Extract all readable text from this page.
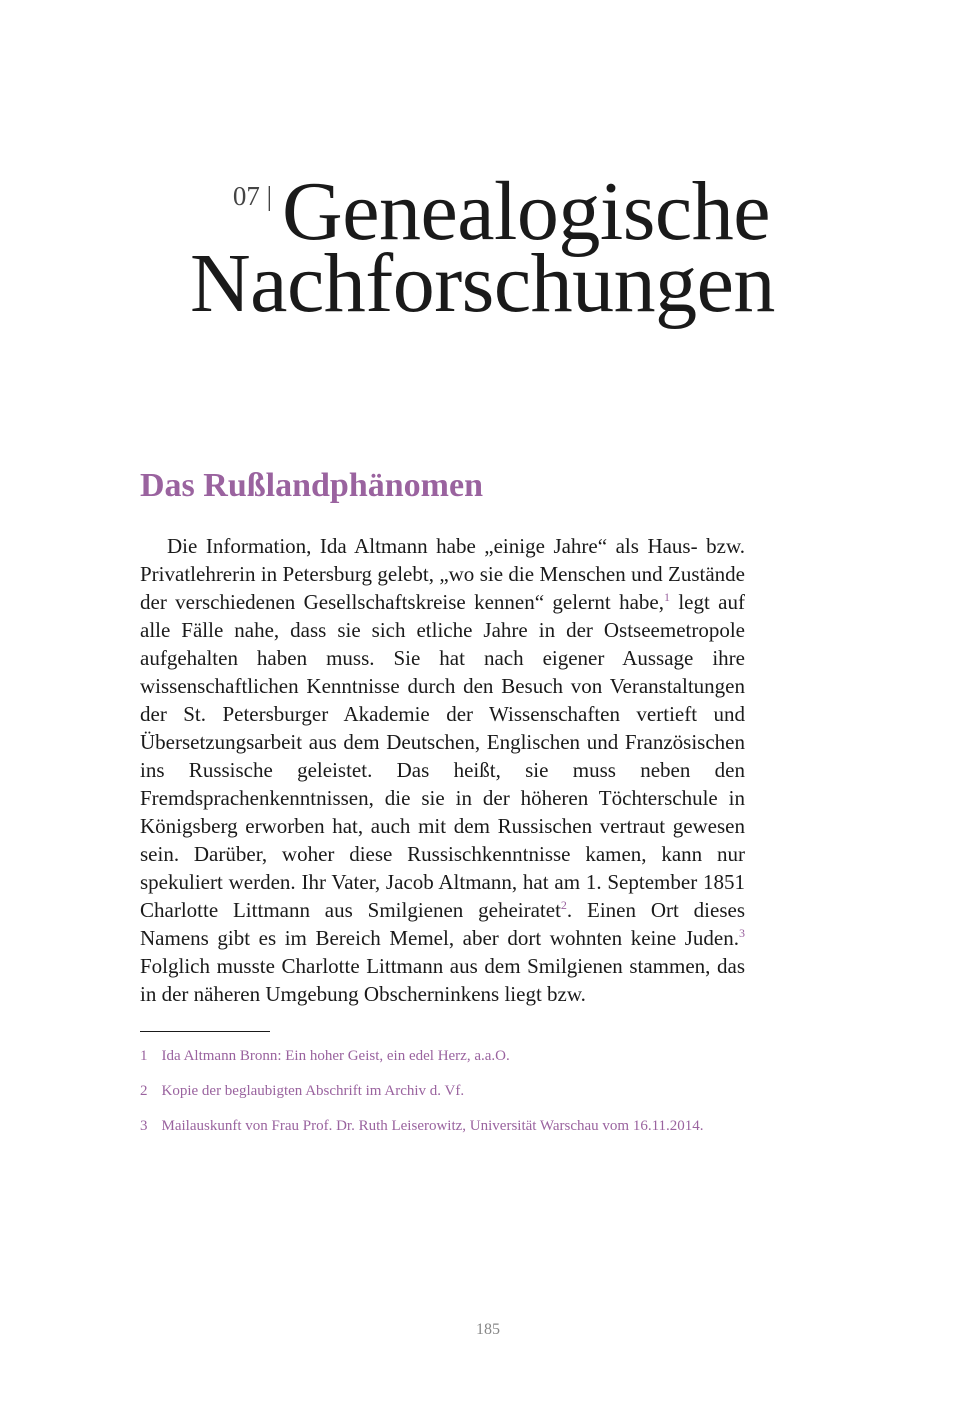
$^{07 |}$ Genealogische
Nachforschungen
Das Rußlandphänomen

Die Information, Ida Altmann habe „einige Jahre“ als Haus- bzw. Privatlehrerin in Petersburg gelebt, „wo sie die Menschen und Zustände der verschiedenen Gesellschaftskreise kennen“ gelernt habe,$^1$ legt auf alle Fälle nahe, dass sie sich etliche Jahre in der Ostseemetropole aufgehalten haben muss. Sie hat nach eigener Aussage ihre wissenschaftlichen Kenntnisse durch den Besuch von Veranstaltungen der St. Petersburger Akademie der Wissenschaften vertieft und Übersetzungsarbeit aus dem Deutschen, Englischen und Französischen ins Russische geleistet. Das heißt, sie muss neben den Fremdsprachenkenntnissen, die sie in der höheren Töchterschule in Königsberg erworben hat, auch mit dem Russischen vertraut gewesen sein. Darüber, woher diese Russischkenntnisse kamen, kann nur spekuliert werden. Ihr Vater, Jacob Altmann, hat am 1. September 1851 Charlotte Littmann aus Smilgienen geheiratet$^2$. Einen Ort dieses Namens gibt es im Bereich Memel, aber dort wohnten keine Juden.$^3$ Folglich musste Charlotte Littmann aus dem Smilgienen stammen, das in der näheren Umgebung Obscherninkens liegt bzw.

1 Ida Altmann Bronn: Ein hoher Geist, ein edel Herz, a.a.O.
2 Kopie der beglaubigten Abschrift im Archiv d. Vf.
3 Mailauskunft von Frau Prof. Dr. Ruth Leiserowitz, Universität Warschau vom 16.11.2014.
185
